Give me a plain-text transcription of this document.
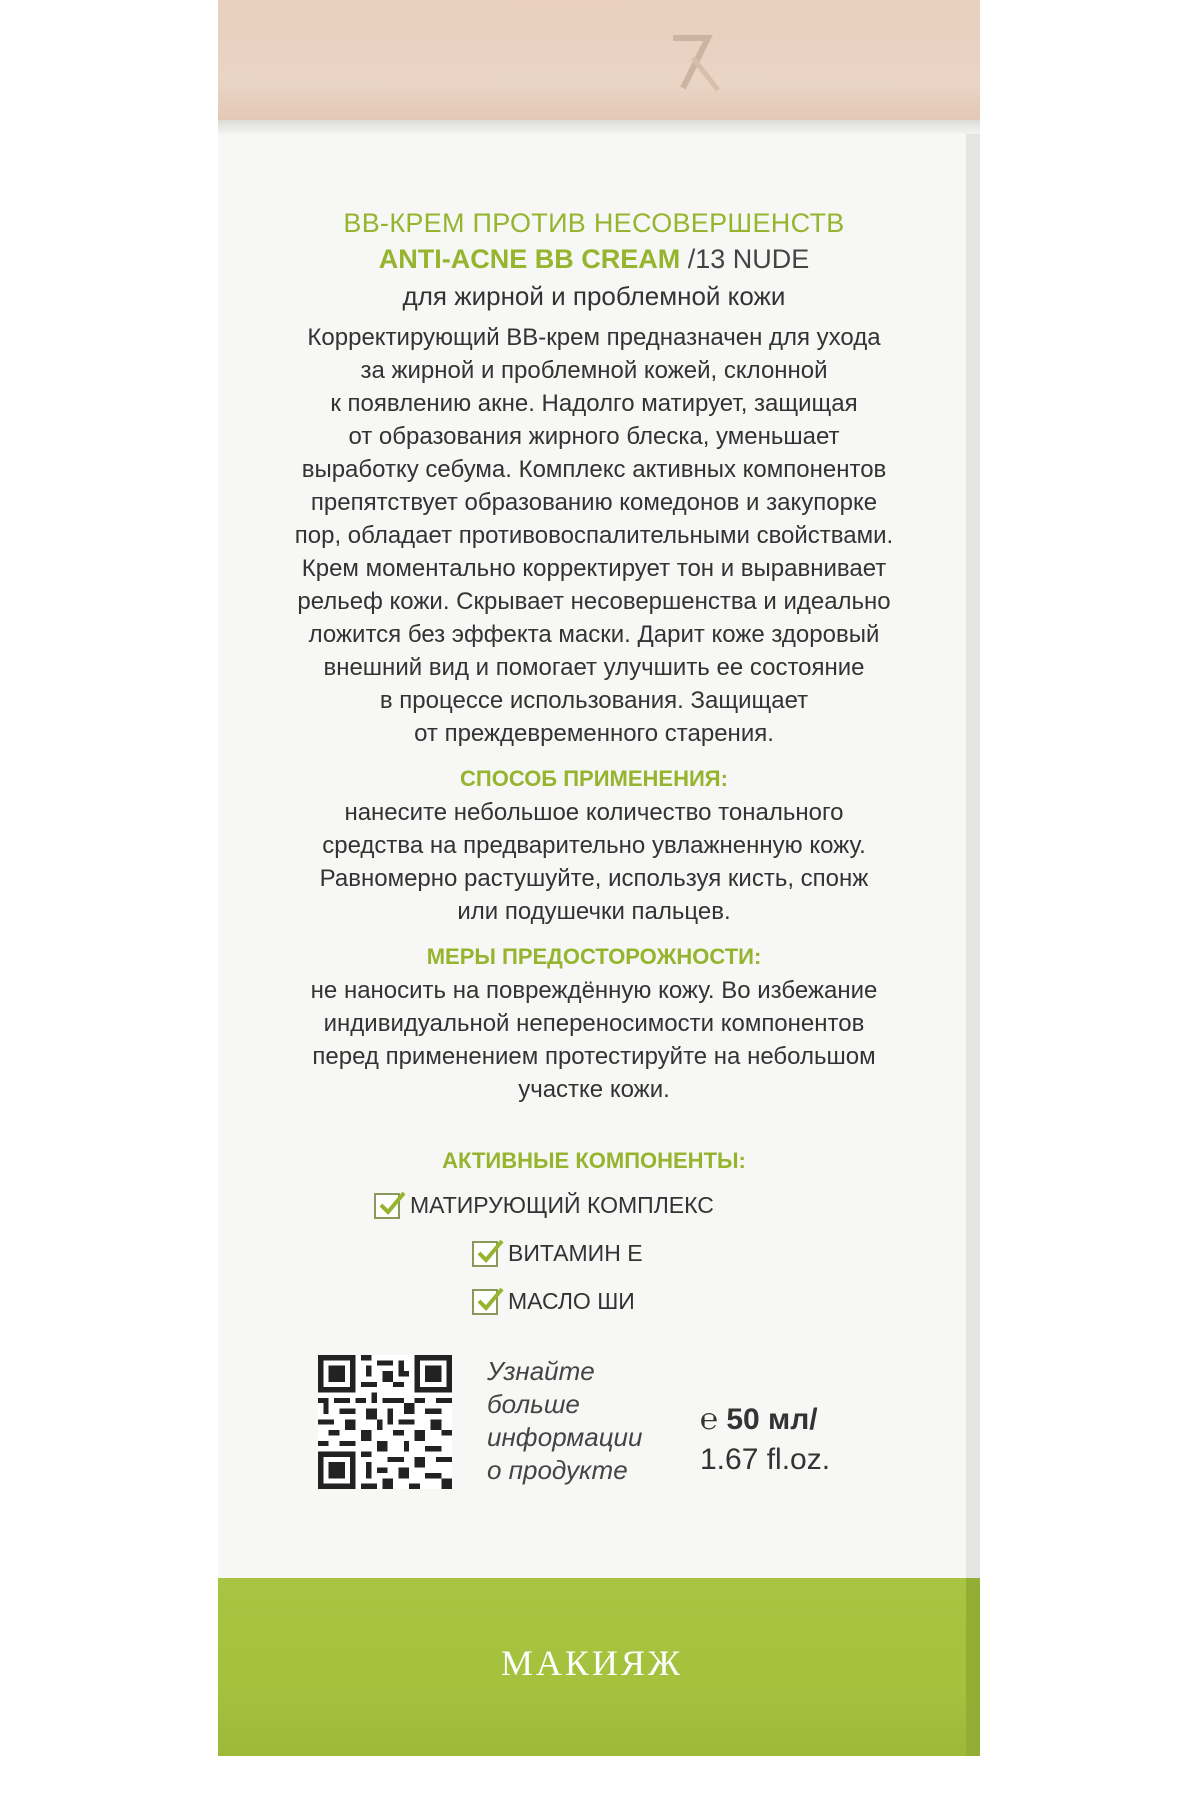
ВВ-КРЕМ ПРОТИВ НЕСОВЕРШЕНСТВ
ANTI-ACNE BB CREAM /13 NUDE
для жирной и проблемной кожи
Корректирующий ВВ-крем предназначен для ухода
за жирной и проблемной кожей, склонной
к появлению акне. Надолго матирует, защищая
от образования жирного блеска, уменьшает
выработку себума. Комплекс активных компонентов
препятствует образованию комедонов и закупорке
пор, обладает противовоспалительными свойствами.
Крем моментально корректирует тон и выравнивает
рельеф кожи. Скрывает несовершенства и идеально
ложится без эффекта маски. Дарит коже здоровый
внешний вид и помогает улучшить ее состояние
в процессе использования. Защищает
от преждевременного старения.
СПОСОБ ПРИМЕНЕНИЯ:
нанесите небольшое количество тонального
средства на предварительно увлажненную кожу.
Равномерно растушуйте, используя кисть, спонж
или подушечки пальцев.
МЕРЫ ПРЕДОСТОРОЖНОСТИ:
не наносить на повреждённую кожу. Во избежание
индивидуальной непереносимости компонентов
перед применением протестируйте на небольшом
участке кожи.
АКТИВНЫЕ КОМПОНЕНТЫ:
МАТИРУЮЩИЙ КОМПЛЕКС
ВИТАМИН Е
МАСЛО ШИ
Узнайте
больше
информации
о продукте
℮ 50 мл/
1.67 fl.oz.
МАКИЯЖ
